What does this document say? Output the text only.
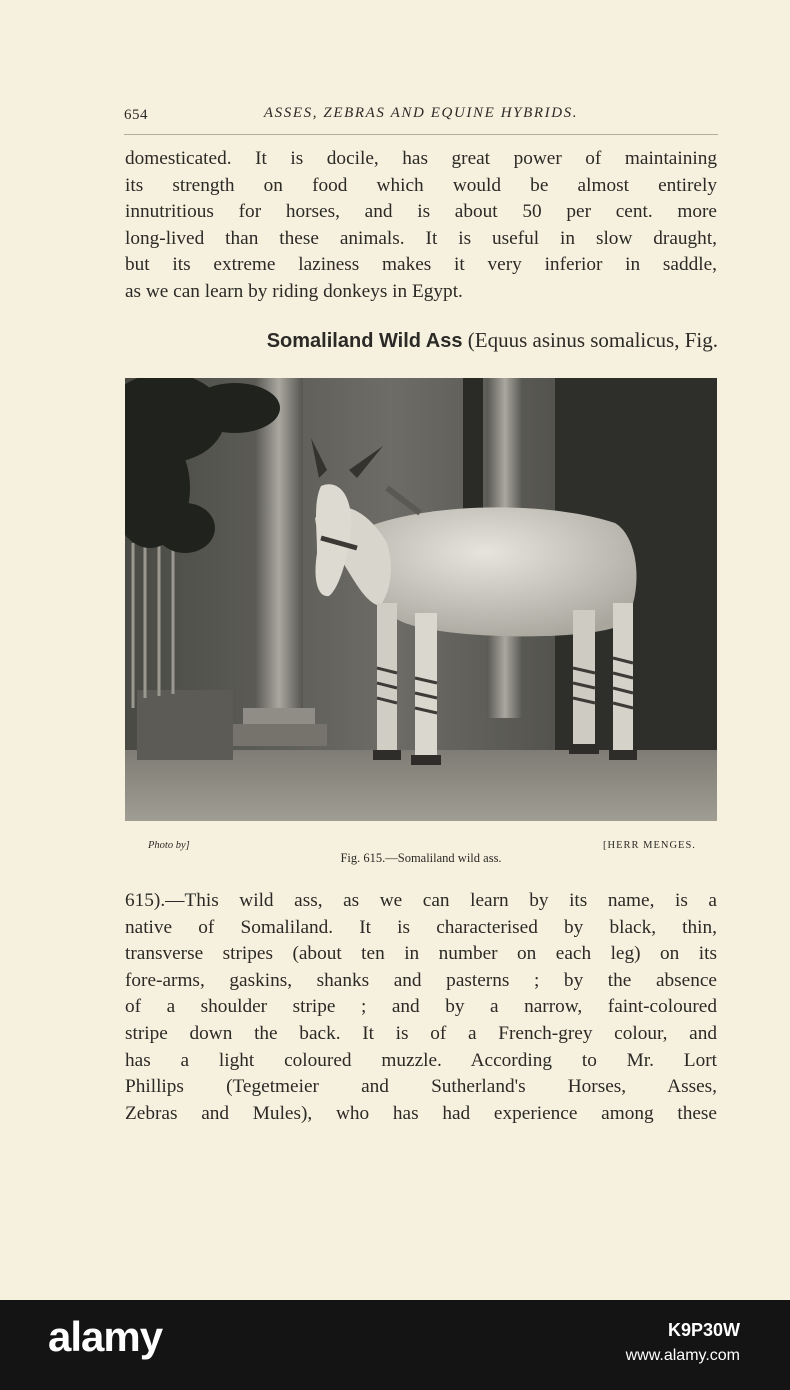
654	ASSES, ZEBRAS AND EQUINE HYBRIDS.
domesticated. It is docile, has great power of maintaining
its strength on food which would be almost entirely
innutritious for horses, and is about 50 per cent. more
long-lived than these animals. It is useful in slow draught,
but its extreme laziness makes it very inferior in saddle,
as we can learn by riding donkeys in Egypt.
Somaliland Wild Ass (Equus asinus somalicus, Fig.
Photo by]	[HERR MENGES.
Fig. 615.—Somaliland wild ass.
615).—This wild ass, as we can learn by its name, is a
native of Somaliland. It is characterised by black, thin,
transverse stripes (about ten in number on each leg) on its
fore-arms, gaskins, shanks and pasterns ; by the absence
of a shoulder stripe ; and by a narrow, faint-coloured
stripe down the back. It is of a French-grey colour, and
has a light coloured muzzle. According to Mr. Lort
Phillips (Tegetmeier and Sutherland's Horses, Asses,
Zebras and Mules), who has had experience among these
alamy	K9P30W
www.alamy.com
